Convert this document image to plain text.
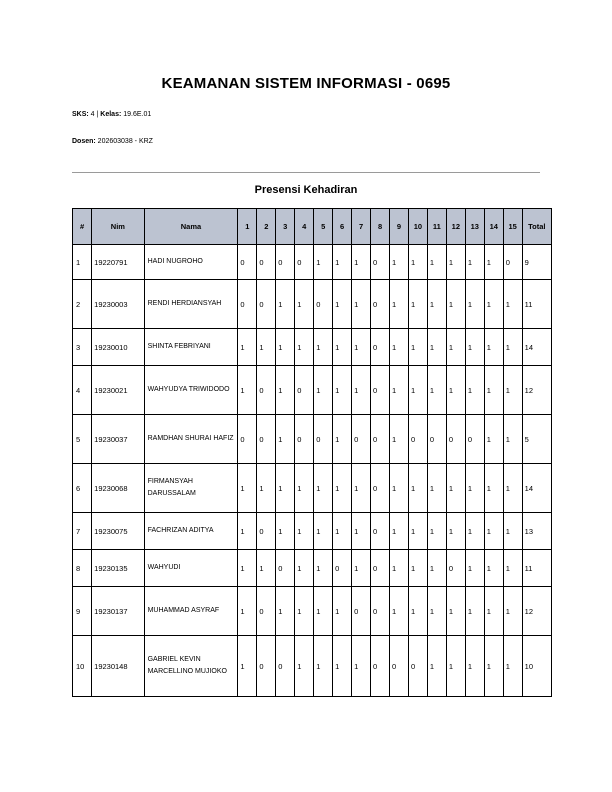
KEAMANAN SISTEM INFORMASI - 0695
SKS: 4 | Kelas: 19.6E.01
Dosen: 202603038 - KRZ
Presensi Kehadiran
#	Nim	Nama	1	2	3	4	5	6	7	8	9	10	11	12	13	14	15	Total
1	19220791	HADI NUGROHO	0	0	0	0	1	1	1	0	1	1	1	1	1	1	0	9
2	19230003	RENDI HERDIANSYAH	0	0	1	1	0	1	1	0	1	1	1	1	1	1	1	11
3	19230010	SHINTA FEBRIYANI	1	1	1	1	1	1	1	0	1	1	1	1	1	1	1	14
4	19230021	WAHYUDYA TRIWIDODO	1	0	1	0	1	1	1	0	1	1	1	1	1	1	1	12
5	19230037	RAMDHAN SHURAI HAFIZ	0	0	1	0	0	1	0	0	1	0	0	0	0	1	1	5
6	19230068	FIRMANSYAH DARUSSALAM	1	1	1	1	1	1	1	0	1	1	1	1	1	1	1	14
7	19230075	FACHRIZAN ADITYA	1	0	1	1	1	1	1	0	1	1	1	1	1	1	1	13
8	19230135	WAHYUDI	1	1	0	1	1	0	1	0	1	1	1	0	1	1	1	11
9	19230137	MUHAMMAD ASYRAF	1	0	1	1	1	1	0	0	1	1	1	1	1	1	1	12
10	19230148	GABRIEL KEVIN MARCELLINO MUJIOKO	1	0	0	1	1	1	1	0	0	0	1	1	1	1	1	10
